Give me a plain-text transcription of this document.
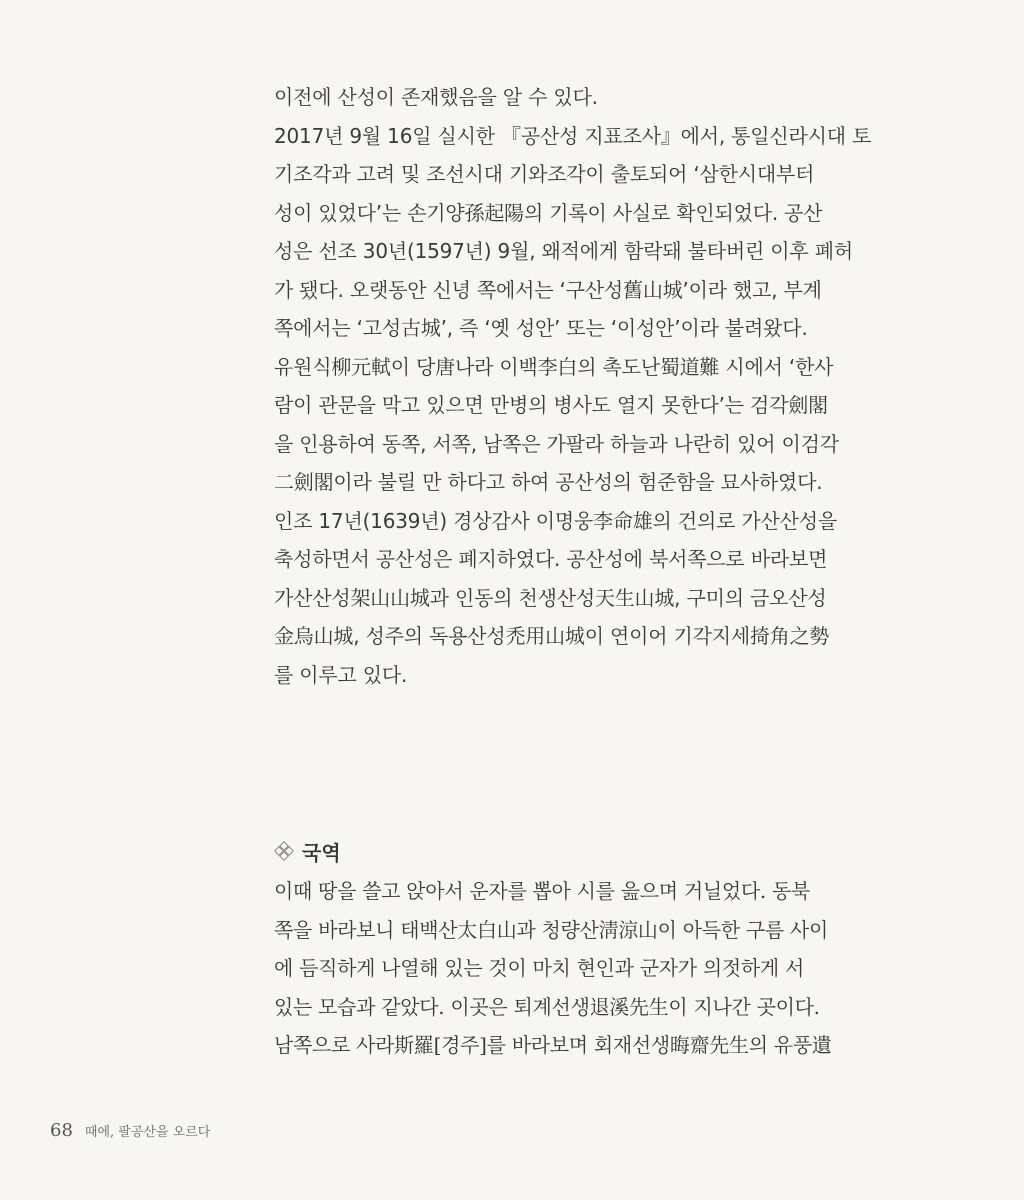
이전에 산성이 존재했음을 알 수 있다.
2017년 9월 16일 실시한 『공산성 지표조사』에서, 통일신라시대 토
기조각과 고려 및 조선시대 기와조각이 출토되어 ‘삼한시대부터
성이 있었다’는 손기양孫起陽의 기록이 사실로 확인되었다. 공산
성은 선조 30년(1597년) 9월, 왜적에게 함락돼 불타버린 이후 폐허
가 됐다. 오랫동안 신녕 쪽에서는 ‘구산성舊山城’이라 했고, 부계
쪽에서는 ‘고성古城’, 즉 ‘옛 성안’ 또는 ‘이성안’이라 불려왔다.
유원식柳元軾이 당唐나라 이백李白의 촉도난蜀道難 시에서 ‘한사
람이 관문을 막고 있으면 만병의 병사도 열지 못한다’는 검각劍閣
을 인용하여 동쪽, 서쪽, 남쪽은 가팔라 하늘과 나란히 있어 이검각
二劍閣이라 불릴 만 하다고 하여 공산성의 험준함을 묘사하였다.
인조 17년(1639년) 경상감사 이명웅李命雄의 건의로 가산산성을
축성하면서 공산성은 폐지하였다. 공산성에 북서쪽으로 바라보면
가산산성架山山城과 인동의 천생산성天生山城, 구미의 금오산성
金烏山城, 성주의 독용산성禿用山城이 연이어 기각지세掎角之勢
를 이루고 있다.
국역
이때 땅을 쓸고 앉아서 운자를 뽑아 시를 읊으며 거닐었다. 동북
쪽을 바라보니 태백산太白山과 청량산淸涼山이 아득한 구름 사이
에 듬직하게 나열해 있는 것이 마치 현인과 군자가 의젓하게 서
있는 모습과 같았다. 이곳은 퇴계선생退溪先生이 지나간 곳이다.
남쪽으로 사라斯羅[경주]를 바라보며 회재선생晦齋先生의 유풍遺
68 때에, 팔공산을 오르다
